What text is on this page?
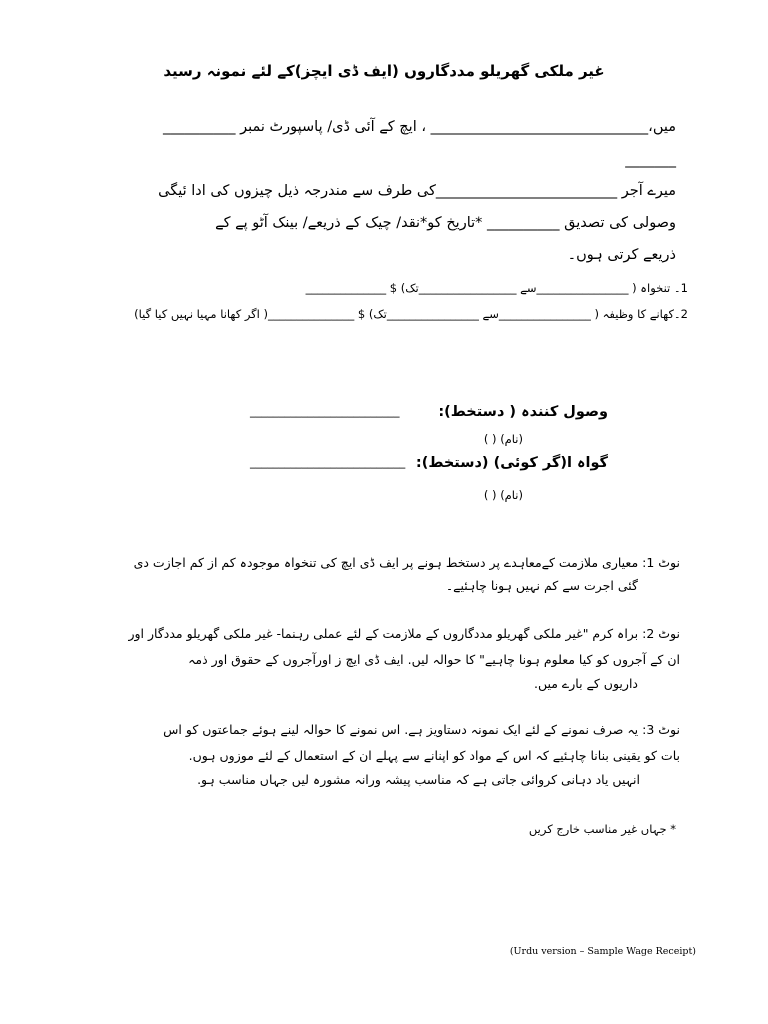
غیر ملکی گھریلو مددگاروں (ایف ڈی ایچز)کے لئے نمونہ رسید
میں،______________________________ ، ایچ کے آئی ڈی/ پاسپورٹ نمبر __________
_______
میرے آجر _________________________کی طرف سے مندرجہ ذیل چیزوں کی ادا ئیگی
وصولی کی تصدیق __________ *تاریخ کو*نقد/ چیک کے ذریعے/ بینک آٹو پے کے
ذریعے کرتی ہوں۔
1۔ تنخواہ ( ________________سے _________________تک) $ ______________
2۔کھانے کا وظیفہ ( ________________سے ________________تک) $ _______________( اگر کھانا مہیا نہیں کیا گیا)
وصول کنندہ ( دستخط):
__________________________
(نام) ( )
گواہ ا(گر کوئی) (دستخط):
___________________________
(نام) ( )
نوٹ 1: معیاری ملازمت کےمعاہدے پر دستخط ہونے پر ایف ڈی ایچ کی تنخواہ موجودہ کم از کم اجازت دی
گئی اجرت سے کم نہیں ہونا چاہئیے۔
نوٹ 2: براہ کرم "غیر ملکی گھریلو مددگاروں کے ملازمت کے لئے عملی رہنما- غیر ملکی گھریلو مددگار اور
ان کے آجروں کو کیا معلوم ہونا چاہیے" کا حوالہ لیں. ایف ڈی ایچ ز اورآجروں کے حقوق اور ذمہ
داریوں کے بارے میں.
نوٹ 3: یہ صرف نمونے کے لئے ایک نمونہ دستاویز ہے. اس نمونے کا حوالہ لینے ہوئے جماعتوں کو اس
بات کو یقینی بنانا چاہئیے کہ اس کے مواد کو اپنانے سے پہلے ان کے استعمال کے لئے موزوں ہوں.
انہیں یاد دہانی کروائی جاتی ہے کہ مناسب پیشہ ورانہ مشورہ لیں جہاں مناسب ہو.
* جہاں غیر مناسب خارج کریں
(Urdu version – Sample Wage Receipt)
